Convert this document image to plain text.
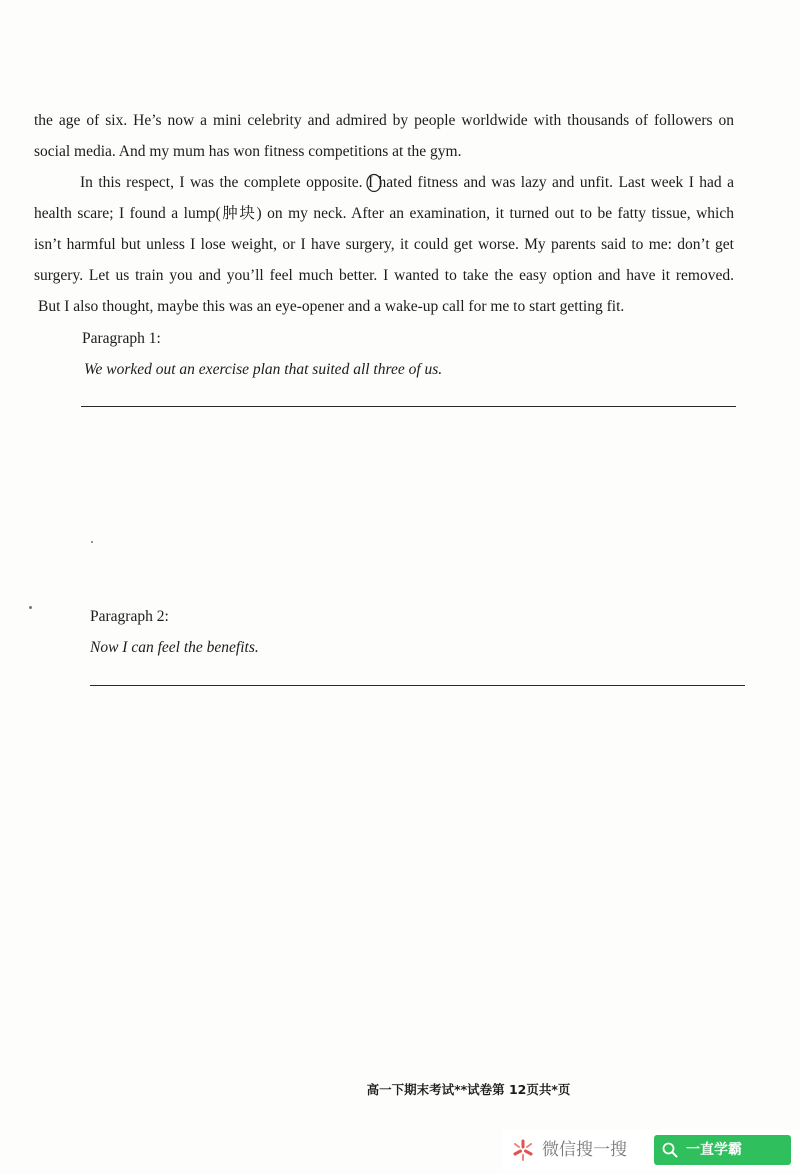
the age of six. He’s now a mini celebrity and admired by people worldwide with thousands of followers on
social media. And my mum has won fitness competitions at the gym.
In this respect, I was the complete opposite. I hated fitness and was lazy and unfit. Last week I had a
health scare; I found a lump(肿块) on my neck. After an examination, it turned out to be fatty tissue, which
isn’t harmful but unless I lose weight, or I have surgery, it could get worse. My parents said to me: don’t get
surgery. Let us train you and you’ll feel much better. I wanted to take the easy option and have it removed.
But I also thought, maybe this was an eye-opener and a wake-up call for me to start getting fit.
Paragraph 1:
We worked out an exercise plan that suited all three of us.
Paragraph 2:
Now I can feel the benefits.
高一下期末考试**试卷第 12页共*页
微信搜一搜	一直学霸
